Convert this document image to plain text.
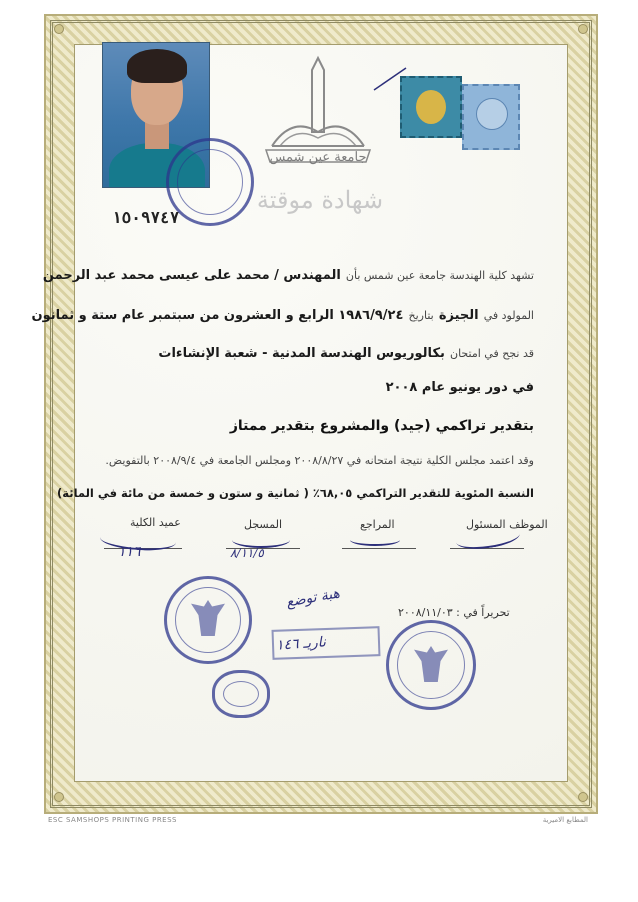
جامعة عين شمس
شهادة موقتة
١٥٠٩٧٤٧
تشهد كلية الهندسة جامعة عين شمس بأن المهندس / محمد على عيسى محمد عبد الرحمن
المولود في الجيزة بتاريخ ١٩٨٦/٩/٢٤ الرابع و العشرون من سبتمبر عام ستة و ثمانون
قد نجح في امتحان بكالوريوس الهندسة المدنية - شعبة الإنشاءات
في دور يونيو عام ٢٠٠٨
بتقدير تراكمي (جيد) والمشروع بتقدير ممتاز
وقد اعتمد مجلس الكلية نتيجة امتحانه في ٢٠٠٨/٨/٢٧ ومجلس الجامعة في ٢٠٠٨/٩/٤ بالتفويض.
النسبة المئوية للتقدير التراكمي ٦٨,٠٥٪ ( ثمانية و ستون و خمسة من مائة في المائة)
الموظف المسئول
المراجع
المسجل
عميد الكلية
١١٦	٨/١١/٥
تحريراً في : ٢٠٠٨/١١/٠٣
هبة توضع
ناريـ ۱٤٦
ESC SAMSHOPS PRINTING PRESS	المطابع الاميرية
